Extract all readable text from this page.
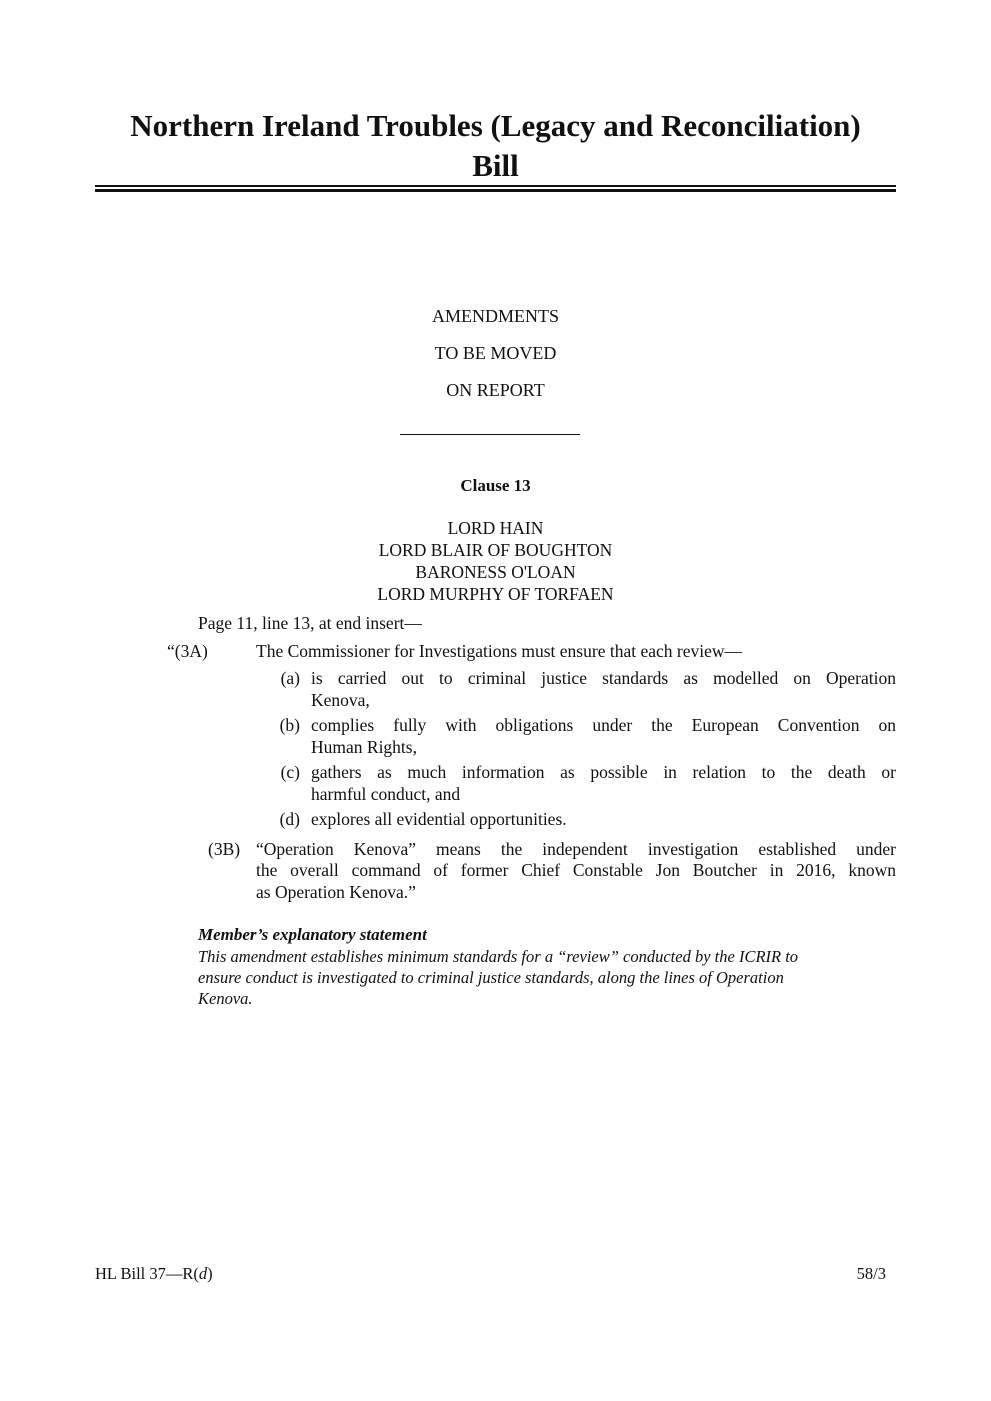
Northern Ireland Troubles (Legacy and Reconciliation)
Bill
AMENDMENTS
TO BE MOVED
ON REPORT
Clause 13
LORD HAIN
LORD BLAIR OF BOUGHTON
BARONESS O'LOAN
LORD MURPHY OF TORFAEN
Page 11, line 13, at end insert—
“(3A)	The Commissioner for Investigations must ensure that each review—
(a) is carried out to criminal justice standards as modelled on Operation
Kenova,
(b) complies fully with obligations under the European Convention on
Human Rights,
(c) gathers as much information as possible in relation to the death or
harmful conduct, and
(d) explores all evidential opportunities.
(3B) “Operation Kenova” means the independent investigation established under
the overall command of former Chief Constable Jon Boutcher in 2016, known
as Operation Kenova.”
Member’s explanatory statement
This amendment establishes minimum standards for a “review” conducted by the ICRIR to
ensure conduct is investigated to criminal justice standards, along the lines of Operation
Kenova.
HL Bill 37—R(d)	58/3
